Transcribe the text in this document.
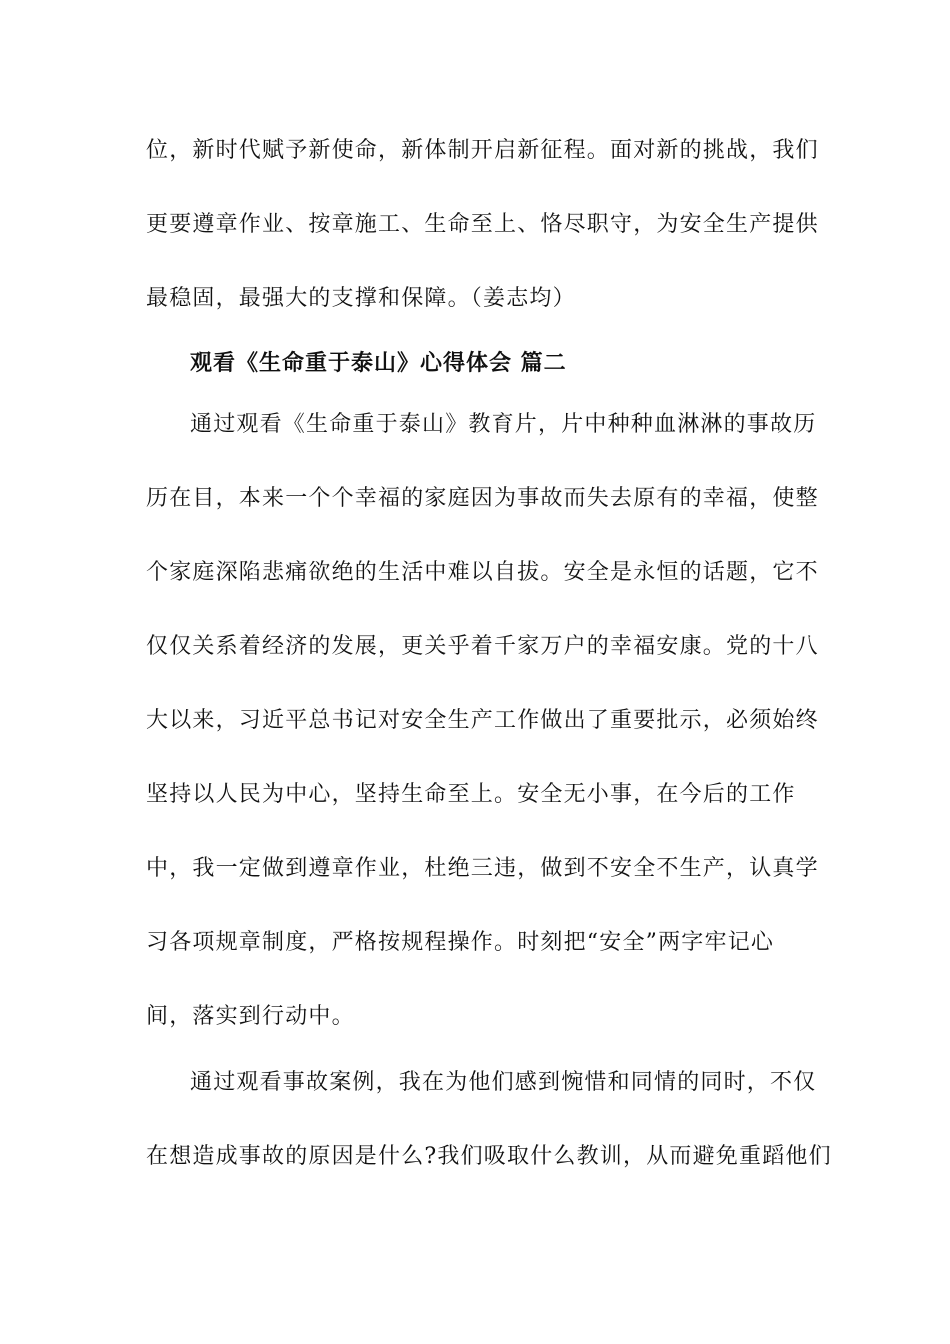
位，新时代赋予新使命，新体制开启新征程。面对新的挑战，我们
更要遵章作业、按章施工、生命至上、恪尽职守，为安全生产提供
最稳固，最强大的支撑和保障。（姜志均）
观看《生命重于泰山》心得体会 篇二
通过观看《生命重于泰山》教育片，片中种种血淋淋的事故历
历在目，本来一个个幸福的家庭因为事故而失去原有的幸福，使整
个家庭深陷悲痛欲绝的生活中难以自拔。安全是永恒的话题，它不
仅仅关系着经济的发展，更关乎着千家万户的幸福安康。党的十八
大以来，习近平总书记对安全生产工作做出了重要批示，必须始终
坚持以人民为中心，坚持生命至上。安全无小事，在今后的工作
中，我一定做到遵章作业，杜绝三违，做到不安全不生产，认真学
习各项规章制度，严格按规程操作。时刻把“安全”两字牢记心
间，落实到行动中。
通过观看事故案例，我在为他们感到惋惜和同情的同时，不仅
在想造成事故的原因是什么?我们吸取什么教训，从而避免重蹈他们
